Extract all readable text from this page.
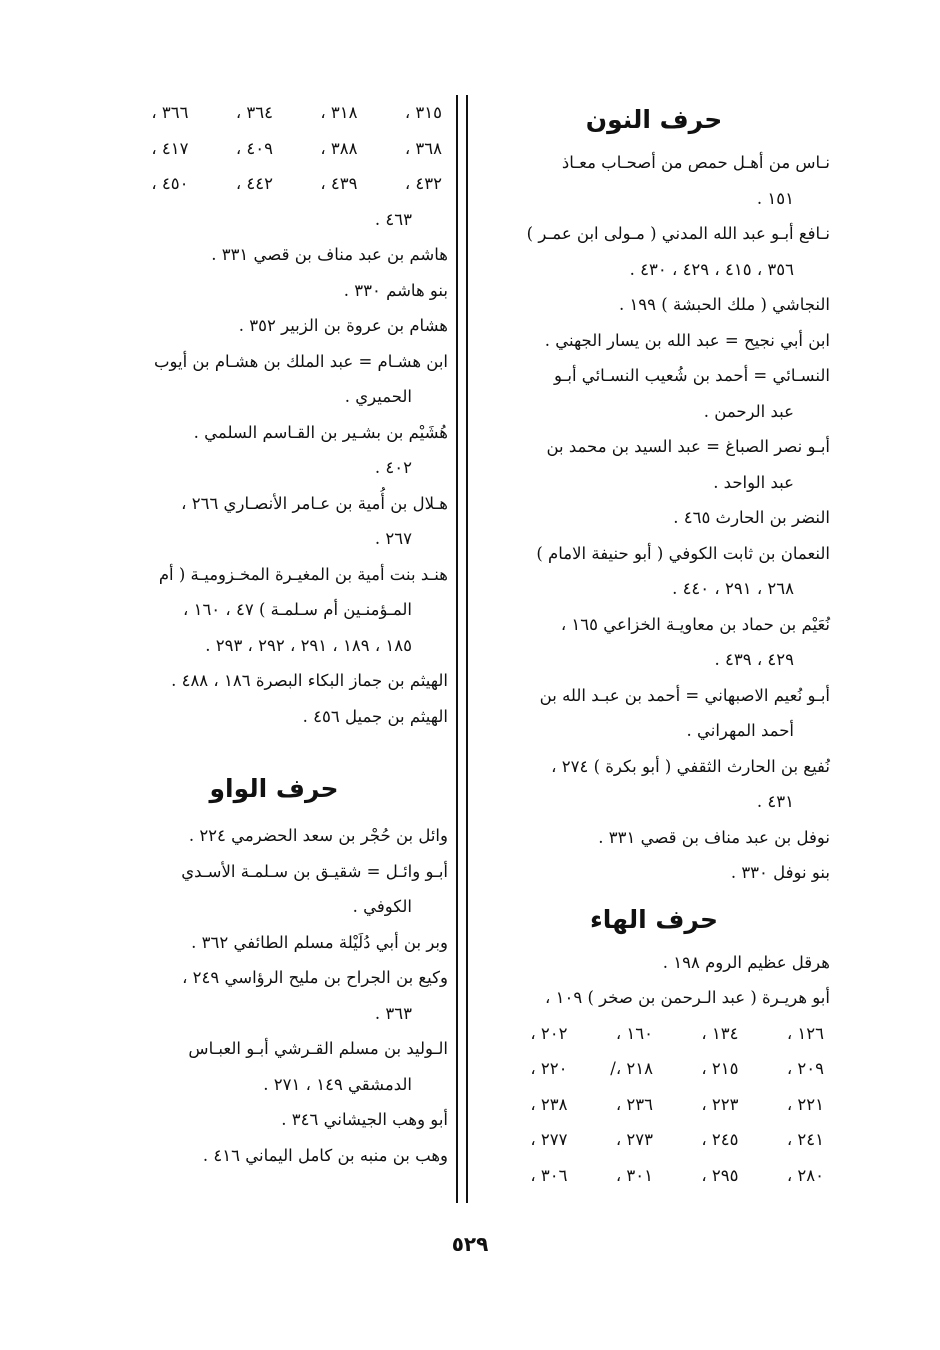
حرف النون
نـاس من أهـل حمص من أصحـاب معـاذ
١٥١ .
نـافع أبـو عبد الله المدني ( مـولى ابن عمـر )
٣٥٦ ، ٤١٥ ، ٤٢٩ ، ٤٣٠ .
النجاشي ( ملك الحبشة ) ١٩٩ .
ابن أبي نجيح = عبد الله بن يسار الجهني .
النسـائي = أحمد بن شُعيب النسـائي أبـو
عبد الرحمن .
أبـو نصر الصباغ = عبد السيد بن محمد بن
عبد الواحد .
النضر بن الحارث ٤٦٥ .
النعمان بن ثابت الكوفي ( أبو حنيفة الامام )
٢٦٨ ، ٢٩١ ، ٤٤٠ .
نُعَيْم بن حماد بن معاويـة الخزاعي ١٦٥ ،
٤٢٩ ، ٤٣٩ .
أبـو نُعيم الاصبهاني = أحمد بن عبـد الله بن
أحمد المهراني .
نُفيع بن الحارث الثقفي ( أبو بكرة ) ٢٧٤ ،
٤٣١ .
نوفل بن عبد مناف بن قصي ٣٣١ .
بنو نوفل ٣٣٠ .
حرف الهاء
هرقل عظيم الروم ١٩٨ .
أبو هريـرة ( عبد الـرحمن بن صخر ) ١٠٩ ،
١٢٦ ،
١٣٤ ،
١٦٠ ،
٢٠٢ ،
٢٠٩ ،
٢١٥ ،
٢١٨ ،/
٢٢٠ ،
٢٢١ ،
٢٢٣ ،
٢٣٦ ،
٢٣٨ ،
٢٤١ ،
٢٤٥ ،
٢٧٣ ،
٢٧٧ ،
٢٨٠ ،
٢٩٥ ،
٣٠١ ،
٣٠٦ ،
٣١٥ ،
٣١٨ ،
٣٦٤ ،
٣٦٦ ،
٣٦٨ ،
٣٨٨ ،
٤٠٩ ،
٤١٧ ،
٤٣٢ ،
٤٣٩ ،
٤٤٢ ،
٤٥٠ ،
٤٦٣ .
هاشم بن عبد مناف بن قصي ٣٣١ .
بنو هاشم ٣٣٠ .
هشام بن عروة بن الزبير ٣٥٢ .
ابن هشـام = عبد الملك بن هشـام بن أيوب
الحميري .
هُشَيْم بن بشـير بن القـاسم السلمي .
٤٠٢ .
هـلال بن أُمية بن عـامر الأنصـاري ٢٦٦ ،
٢٦٧ .
هنـد بنت أمية بن المغيـرة المخـزوميـة ( أم
المـؤمنـين أم سـلمـة ) ٤٧ ، ١٦٠ ،
١٨٥ ، ١٨٩ ، ٢٩١ ، ٢٩٢ ، ٢٩٣ .
الهيثم بن جماز البكاء البصرة ١٨٦ ، ٤٨٨ .
الهيثم بن جميل ٤٥٦ .
حرف الواو
وائل بن حُجْر بن سعد الحضرمي ٢٢٤ .
أبـو وائـل = شقيـق بن سـلمـة الأسـدي
الكوفي .
وبر بن أبي دُلَيْلة مسلم الطائفي ٣٦٢ .
وكيع بن الجراح بن مليح الرؤاسي ٢٤٩ ،
٣٦٣ .
الـوليد بن مسلم القـرشي أبـو العبـاس
الدمشقي ١٤٩ ، ٢٧١ .
أبو وهب الجيشاني ٣٤٦ .
وهب بن منبه بن كامل اليماني ٤١٦ .
٥٢٩
